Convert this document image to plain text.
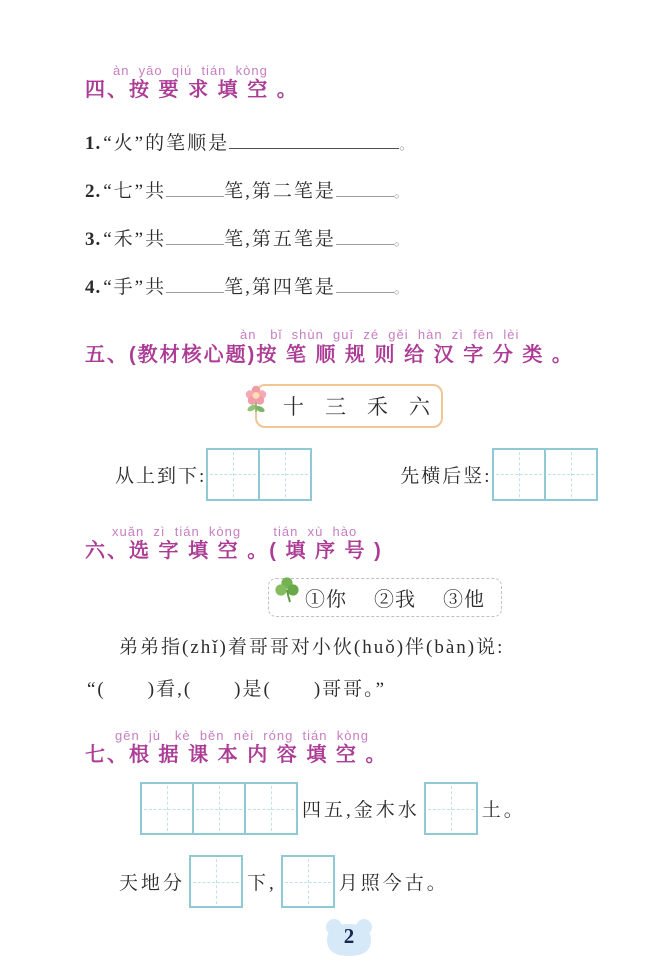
àn  yāo  qiú  tián  kòng
四、按 要 求 填 空 。
1. “火”的笔顺是	。
2. “七”共	笔,第二笔是	。
3. “禾”共	笔,第五笔是	。
4. “手”共	笔,第四笔是	。
àn   bǐ  shùn  guī  zé  gěi  hàn  zì  fēn  lèi
五、(教材核心题)按 笔 顺 规 则 给 汉 字 分 类 。
十　三　禾　六
从上到下:	先横后竖:
xuǎn  zì  tián  kòng       tián  xù  hào
六、选 字 填 空 。( 填 序 号 )
①你　 ②我　 ③他
弟弟指(zhǐ)着哥哥对小伙(huǒ)伴(bàn)说:
“(　　)看,(　　)是(　　)哥哥。”
gēn  jù   kè  běn  nèi  róng  tián  kòng
七、根 据 课 本 内 容 填 空 。
四五,金木水	土。
天地分	下,	月照今古。
2
